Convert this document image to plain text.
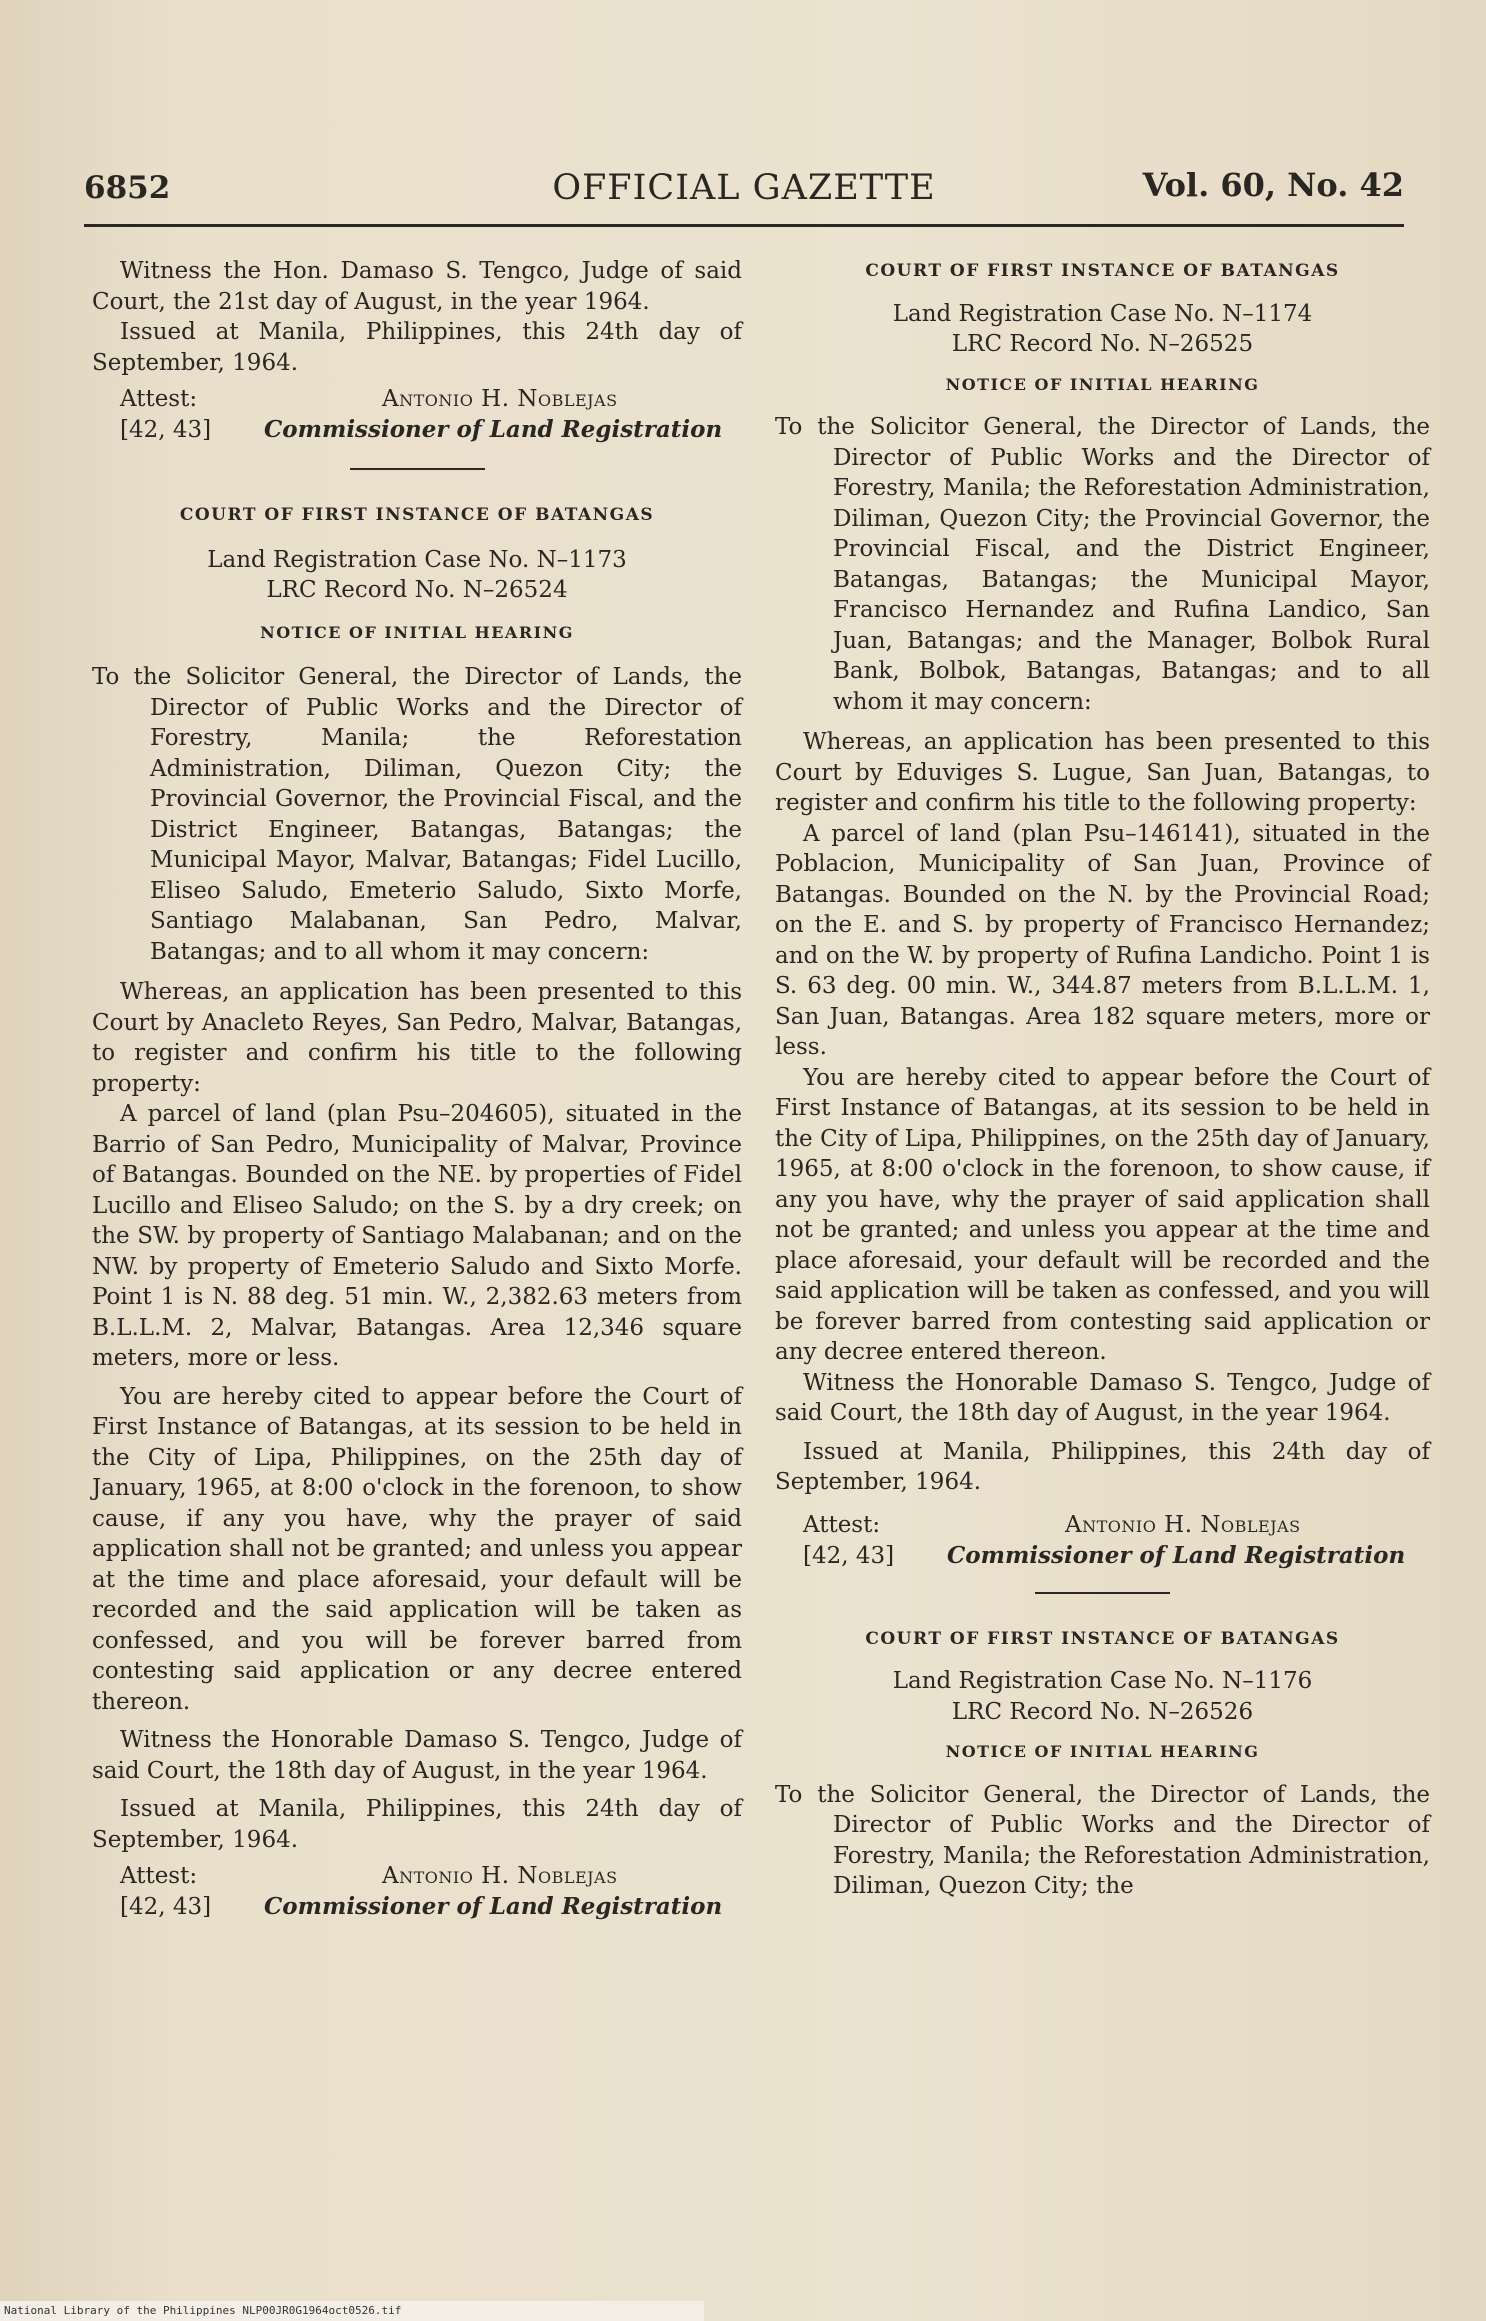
6852	OFFICIAL GAZETTE	Vol. 60, No. 42

Witness the Hon. Damaso S. Tengco, Judge of said Court, the 21st day of August, in the year 1964.

Issued at Manila, Philippines, this 24th day of September, 1964.

Attest:	Antonio H. Noblejas
[42, 43] Commissioner of Land Registration

COURT OF FIRST INSTANCE OF BATANGAS

Land Registration Case No. N–1173

LRC Record No. N–26524

NOTICE OF INITIAL HEARING

To the Solicitor General, the Director of Lands, the Director of Public Works and the Director of Forestry, Manila; the Reforestation Administration, Diliman, Quezon City; the Provincial Governor, the Provincial Fiscal, and the District Engineer, Batangas, Batangas; the Municipal Mayor, Malvar, Batangas; Fidel Lucillo, Eliseo Saludo, Emeterio Saludo, Sixto Morfe, Santiago Malabanan, San Pedro, Malvar, Batangas; and to all whom it may concern:

Whereas, an application has been presented to this Court by Anacleto Reyes, San Pedro, Malvar, Batangas, to register and confirm his title to the following property:

A parcel of land (plan Psu–204605), situated in the Barrio of San Pedro, Municipality of Malvar, Province of Batangas. Bounded on the NE. by properties of Fidel Lucillo and Eliseo Saludo; on the S. by a dry creek; on the SW. by property of Santiago Malabanan; and on the NW. by property of Emeterio Saludo and Sixto Morfe. Point 1 is N. 88 deg. 51 min. W., 2,382.63 meters from B.L.L.M. 2, Malvar, Batangas. Area 12,346 square meters, more or less.

You are hereby cited to appear before the Court of First Instance of Batangas, at its session to be held in the City of Lipa, Philippines, on the 25th day of January, 1965, at 8:00 o'clock in the forenoon, to show cause, if any you have, why the prayer of said application shall not be granted; and unless you appear at the time and place aforesaid, your default will be recorded and the said application will be taken as confessed, and you will be forever barred from contesting said application or any decree entered thereon.

Witness the Honorable Damaso S. Tengco, Judge of said Court, the 18th day of August, in the year 1964.

Issued at Manila, Philippines, this 24th day of September, 1964.

Attest:	Antonio H. Noblejas
[42, 43] Commissioner of Land Registration

COURT OF FIRST INSTANCE OF BATANGAS

Land Registration Case No. N–1174

LRC Record No. N–26525

NOTICE OF INITIAL HEARING

To the Solicitor General, the Director of Lands, the Director of Public Works and the Director of Forestry, Manila; the Reforestation Administration, Diliman, Quezon City; the Provincial Governor, the Provincial Fiscal, and the District Engineer, Batangas, Batangas; the Municipal Mayor, Francisco Hernandez and Rufina Landico, San Juan, Batangas; and the Manager, Bolbok Rural Bank, Bolbok, Batangas, Batangas; and to all whom it may concern:

Whereas, an application has been presented to this Court by Eduviges S. Lugue, San Juan, Batangas, to register and confirm his title to the following property:

A parcel of land (plan Psu–146141), situated in the Poblacion, Municipality of San Juan, Province of Batangas. Bounded on the N. by the Provincial Road; on the E. and S. by property of Francisco Hernandez; and on the W. by property of Rufina Landicho. Point 1 is S. 63 deg. 00 min. W., 344.87 meters from B.L.L.M. 1, San Juan, Batangas. Area 182 square meters, more or less.

You are hereby cited to appear before the Court of First Instance of Batangas, at its session to be held in the City of Lipa, Philippines, on the 25th day of January, 1965, at 8:00 o'clock in the forenoon, to show cause, if any you have, why the prayer of said application shall not be granted; and unless you appear at the time and place aforesaid, your default will be recorded and the said application will be taken as confessed, and you will be forever barred from contesting said application or any decree entered thereon.

Witness the Honorable Damaso S. Tengco, Judge of said Court, the 18th day of August, in the year 1964.

Issued at Manila, Philippines, this 24th day of September, 1964.

Attest:	Antonio H. Noblejas
[42, 43] Commissioner of Land Registration

COURT OF FIRST INSTANCE OF BATANGAS

Land Registration Case No. N–1176

LRC Record No. N–26526

NOTICE OF INITIAL HEARING

To the Solicitor General, the Director of Lands, the Director of Public Works and the Director of Forestry, Manila; the Reforestation Administration, Diliman, Quezon City; the

National Library of the Philippines NLP00JR0G1964oct0526.tif
